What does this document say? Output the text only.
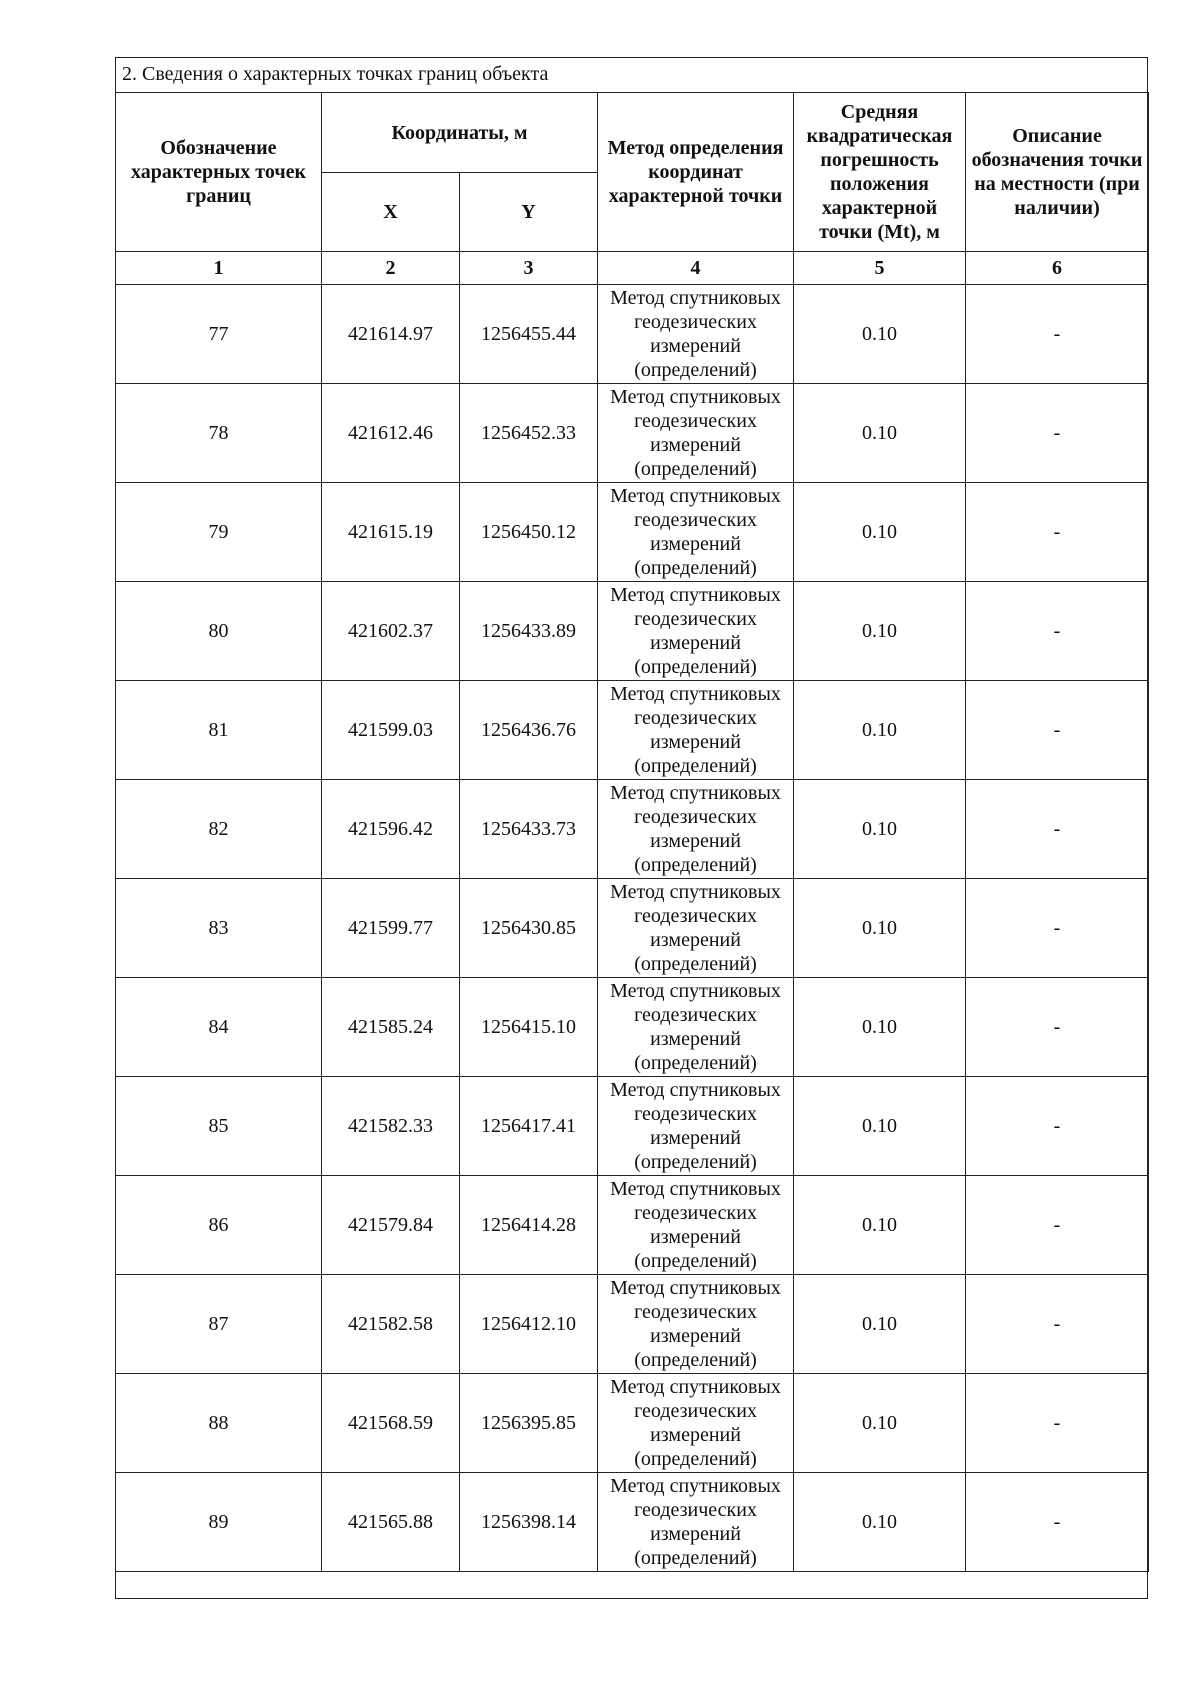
2. Сведения о характерных точках границ объекта
Обозначение характерных точек границ	Координаты, м		Метод определения координат характерной точки	Средняя квадратическая погрешность положения характерной точки (Mt), м	Описание обозначения точки на местности (при наличии)
	X	Y			
1	2	3	4	5	6
77	421614.97	1256455.44	Метод спутниковых геодезических измерений (определений)	0.10	-
78	421612.46	1256452.33	Метод спутниковых геодезических измерений (определений)	0.10	-
79	421615.19	1256450.12	Метод спутниковых геодезических измерений (определений)	0.10	-
80	421602.37	1256433.89	Метод спутниковых геодезических измерений (определений)	0.10	-
81	421599.03	1256436.76	Метод спутниковых геодезических измерений (определений)	0.10	-
82	421596.42	1256433.73	Метод спутниковых геодезических измерений (определений)	0.10	-
83	421599.77	1256430.85	Метод спутниковых геодезических измерений (определений)	0.10	-
84	421585.24	1256415.10	Метод спутниковых геодезических измерений (определений)	0.10	-
85	421582.33	1256417.41	Метод спутниковых геодезических измерений (определений)	0.10	-
86	421579.84	1256414.28	Метод спутниковых геодезических измерений (определений)	0.10	-
87	421582.58	1256412.10	Метод спутниковых геодезических измерений (определений)	0.10	-
88	421568.59	1256395.85	Метод спутниковых геодезических измерений (определений)	0.10	-
89	421565.88	1256398.14	Метод спутниковых геодезических измерений (определений)	0.10	-
